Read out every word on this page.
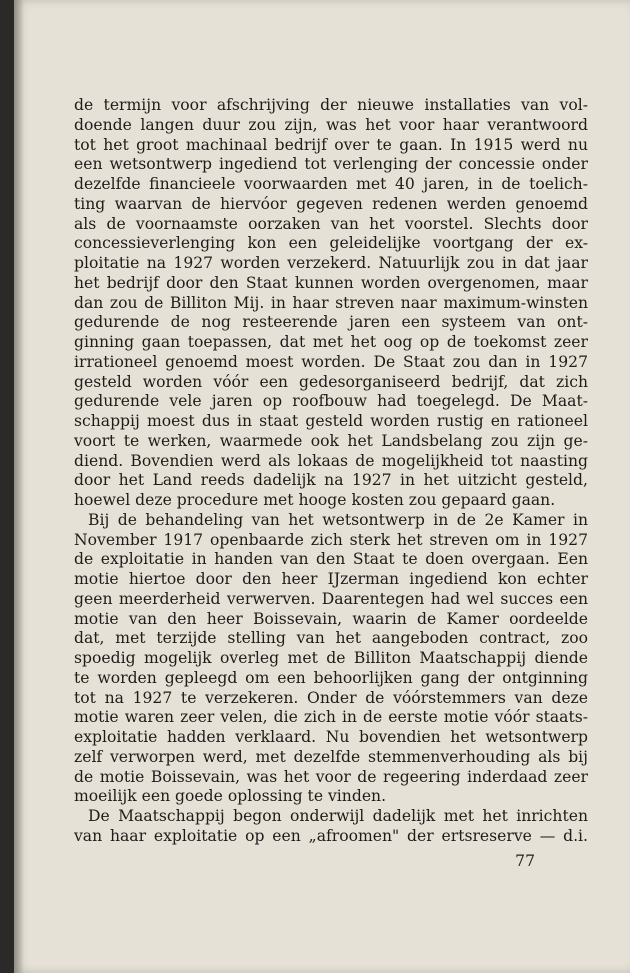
de termijn voor afschrijving der nieuwe installaties van vol-
doende langen duur zou zijn, was het voor haar verantwoord
tot het groot machinaal bedrijf over te gaan. In 1915 werd nu
een wetsontwerp ingediend tot verlenging der concessie onder
dezelfde financieele voorwaarden met 40 jaren, in de toelich-
ting waarvan de hiervóor gegeven redenen werden genoemd
als de voornaamste oorzaken van het voorstel. Slechts door
concessieverlenging kon een geleidelijke voortgang der ex-
ploitatie na 1927 worden verzekerd. Natuurlijk zou in dat jaar
het bedrijf door den Staat kunnen worden overgenomen, maar
dan zou de Billiton Mij. in haar streven naar maximum-winsten
gedurende de nog resteerende jaren een systeem van ont-
ginning gaan toepassen, dat met het oog op de toekomst zeer
irrationeel genoemd moest worden. De Staat zou dan in 1927
gesteld worden vóór een gedesorganiseerd bedrijf, dat zich
gedurende vele jaren op roofbouw had toegelegd. De Maat-
schappij moest dus in staat gesteld worden rustig en rationeel
voort te werken, waarmede ook het Landsbelang zou zijn ge-
diend. Bovendien werd als lokaas de mogelijkheid tot naasting
door het Land reeds dadelijk na 1927 in het uitzicht gesteld,
hoewel deze procedure met hooge kosten zou gepaard gaan.
Bij de behandeling van het wetsontwerp in de 2e Kamer in
November 1917 openbaarde zich sterk het streven om in 1927
de exploitatie in handen van den Staat te doen overgaan. Een
motie hiertoe door den heer IJzerman ingediend kon echter
geen meerderheid verwerven. Daarentegen had wel succes een
motie van den heer Boissevain, waarin de Kamer oordeelde
dat, met terzijde stelling van het aangeboden contract, zoo
spoedig mogelijk overleg met de Billiton Maatschappij diende
te worden gepleegd om een behoorlijken gang der ontginning
tot na 1927 te verzekeren. Onder de vóórstemmers van deze
motie waren zeer velen, die zich in de eerste motie vóór staats-
exploitatie hadden verklaard. Nu bovendien het wetsontwerp
zelf verworpen werd, met dezelfde stemmenverhouding als bij
de motie Boissevain, was het voor de regeering inderdaad zeer
moeilijk een goede oplossing te vinden.
De Maatschappij begon onderwijl dadelijk met het inrichten
van haar exploitatie op een „afroomen" der ertsreserve — d.i.
77
